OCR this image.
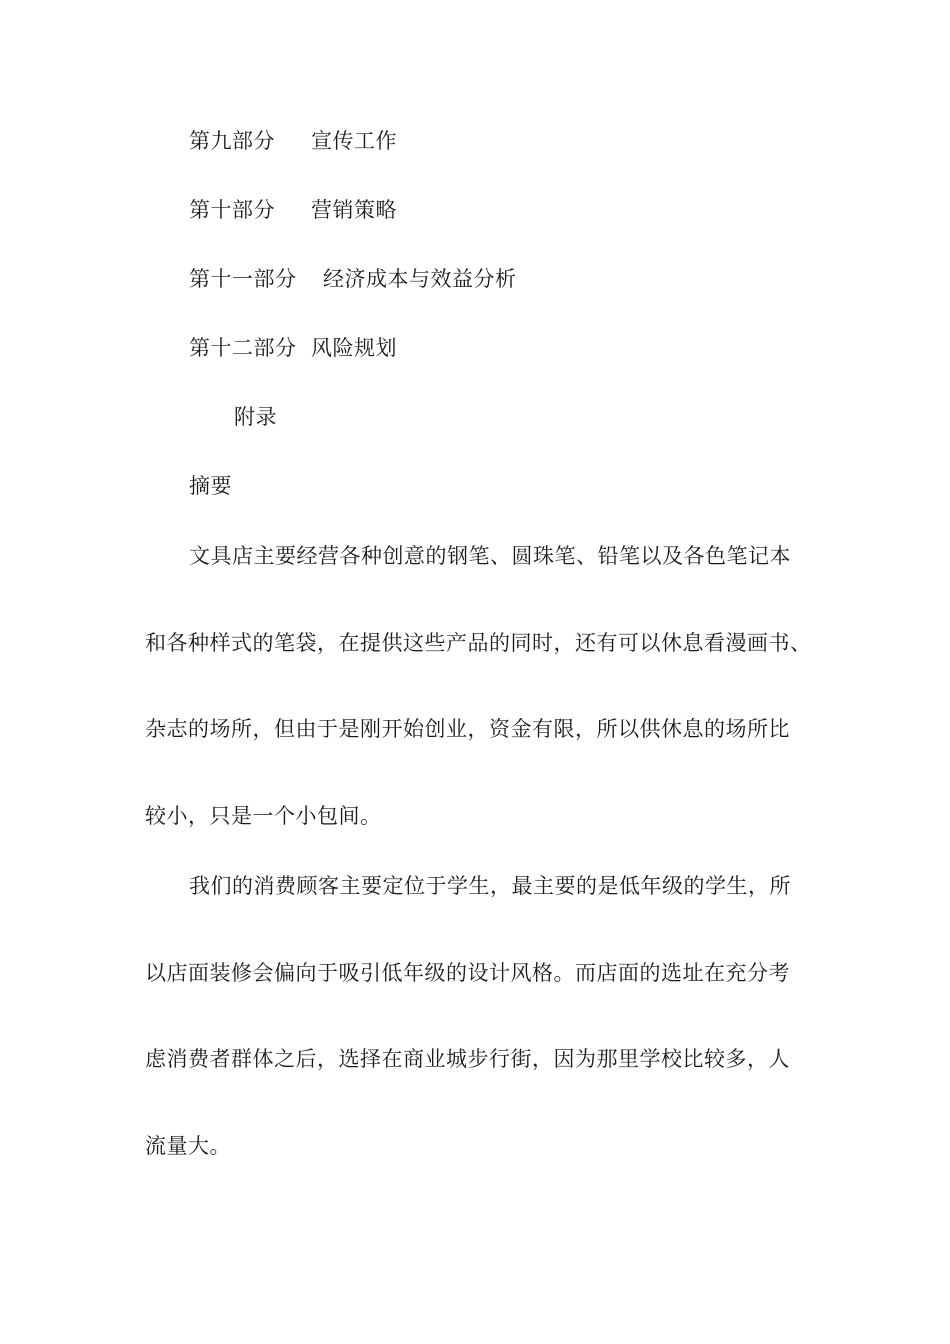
第九部分 宣传工作
第十部分 营销策略
第十一部分 经济成本与效益分析
第十二部分 风险规划
附录
摘要
文具店主要经营各种创意的钢笔、圆珠笔、铅笔以及各色笔记本
和各种样式的笔袋，在提供这些产品的同时，还有可以休息看漫画书、
杂志的场所，但由于是刚开始创业，资金有限，所以供休息的场所比
较小，只是一个小包间。
我们的消费顾客主要定位于学生，最主要的是低年级的学生，所
以店面装修会偏向于吸引低年级的设计风格。而店面的选址在充分考
虑消费者群体之后，选择在商业城步行街，因为那里学校比较多，人
流量大。
